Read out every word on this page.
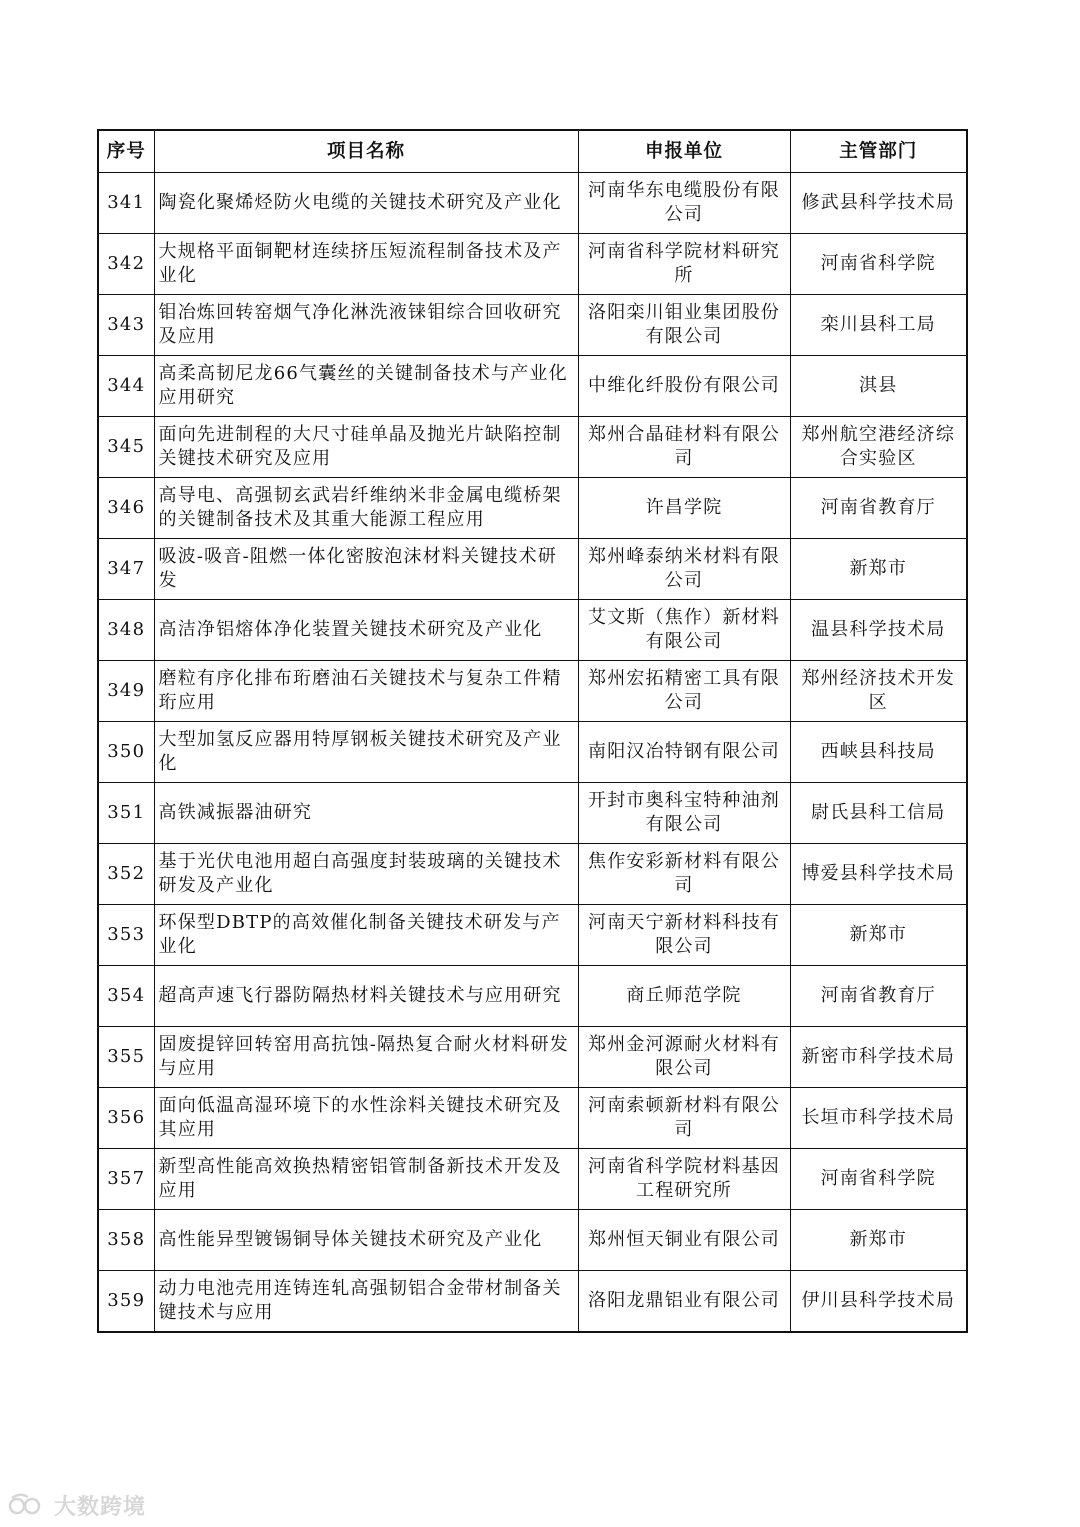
序号	项目名称	申报单位	主管部门
341	陶瓷化聚烯烃防火电缆的关键技术研究及产业化	河南华东电缆股份有限公司	修武县科学技术局
342	大规格平面铜靶材连续挤压短流程制备技术及产业化	河南省科学院材料研究所	河南省科学院
343	钼冶炼回转窑烟气净化淋洗液铼钼综合回收研究及应用	洛阳栾川钼业集团股份有限公司	栾川县科工局
344	高柔高韧尼龙66气囊丝的关键制备技术与产业化应用研究	中维化纤股份有限公司	淇县
345	面向先进制程的大尺寸硅单晶及抛光片缺陷控制关键技术研究及应用	郑州合晶硅材料有限公司	郑州航空港经济综合实验区
346	高导电、高强韧玄武岩纤维纳米非金属电缆桥架的关键制备技术及其重大能源工程应用	许昌学院	河南省教育厅
347	吸波-吸音-阻燃一体化密胺泡沫材料关键技术研发	郑州峰泰纳米材料有限公司	新郑市
348	高洁净铝熔体净化装置关键技术研究及产业化	艾文斯（焦作）新材料有限公司	温县科学技术局
349	磨粒有序化排布珩磨油石关键技术与复杂工件精珩应用	郑州宏拓精密工具有限公司	郑州经济技术开发区
350	大型加氢反应器用特厚钢板关键技术研究及产业化	南阳汉冶特钢有限公司	西峡县科技局
351	高铁减振器油研究	开封市奥科宝特种油剂有限公司	尉氏县科工信局
352	基于光伏电池用超白高强度封装玻璃的关键技术研发及产业化	焦作安彩新材料有限公司	博爱县科学技术局
353	环保型DBTP的高效催化制备关键技术研发与产业化	河南天宁新材料科技有限公司	新郑市
354	超高声速飞行器防隔热材料关键技术与应用研究	商丘师范学院	河南省教育厅
355	固废提锌回转窑用高抗蚀-隔热复合耐火材料研发与应用	郑州金河源耐火材料有限公司	新密市科学技术局
356	面向低温高湿环境下的水性涂料关键技术研究及其应用	河南索顿新材料有限公司	长垣市科学技术局
357	新型高性能高效换热精密铝管制备新技术开发及应用	河南省科学院材料基因工程研究所	河南省科学院
358	高性能异型镀锡铜导体关键技术研究及产业化	郑州恒天铜业有限公司	新郑市
359	动力电池壳用连铸连轧高强韧铝合金带材制备关键技术与应用	洛阳龙鼎铝业有限公司	伊川县科学技术局
大数跨境
